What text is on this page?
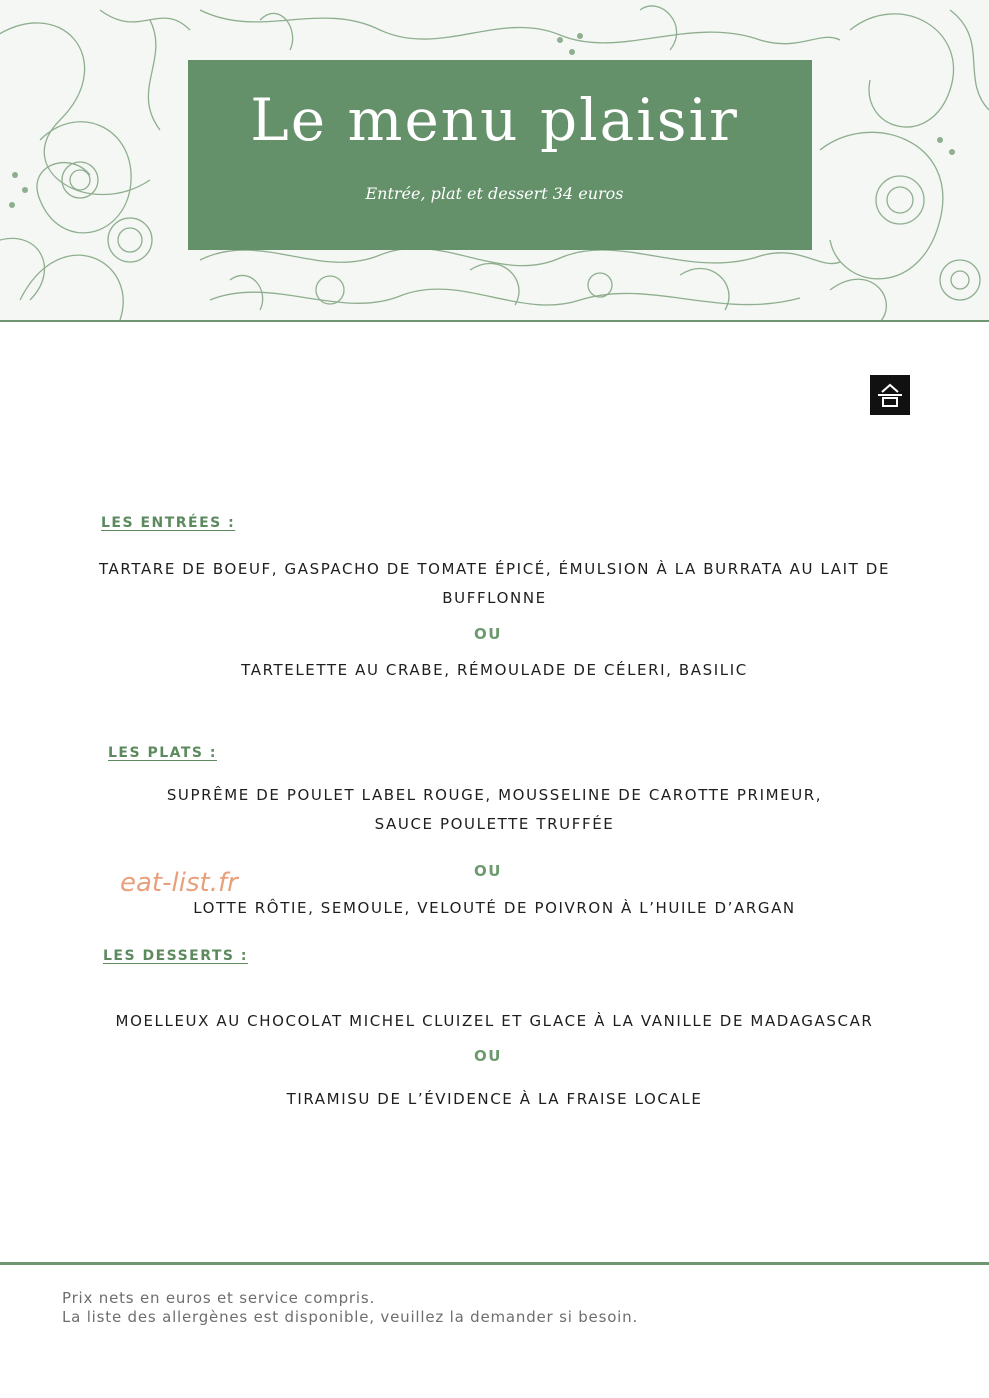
Le menu plaisir
Entrée, plat et dessert 34 euros
LES ENTRÉES :
TARTARE DE BOEUF, GASPACHO DE TOMATE ÉPICÉ, ÉMULSION À LA BURRATA AU LAIT DE
BUFFLONNE
OU
TARTELETTE AU CRABE, RÉMOULADE DE CÉLERI, BASILIC
LES PLATS :
SUPRÊME DE POULET LABEL ROUGE, MOUSSELINE DE CAROTTE PRIMEUR,
SAUCE POULETTE TRUFFÉE
OU
LOTTE RÔTIE, SEMOULE, VELOUTÉ DE POIVRON À L’HUILE D’ARGAN
eat-list.fr
LES DESSERTS :
MOELLEUX AU CHOCOLAT MICHEL CLUIZEL ET GLACE À LA VANILLE DE MADAGASCAR
OU
TIRAMISU DE L’ÉVIDENCE À LA FRAISE LOCALE
Prix nets en euros et service compris.
La liste des allergènes est disponible, veuillez la demander si besoin.
